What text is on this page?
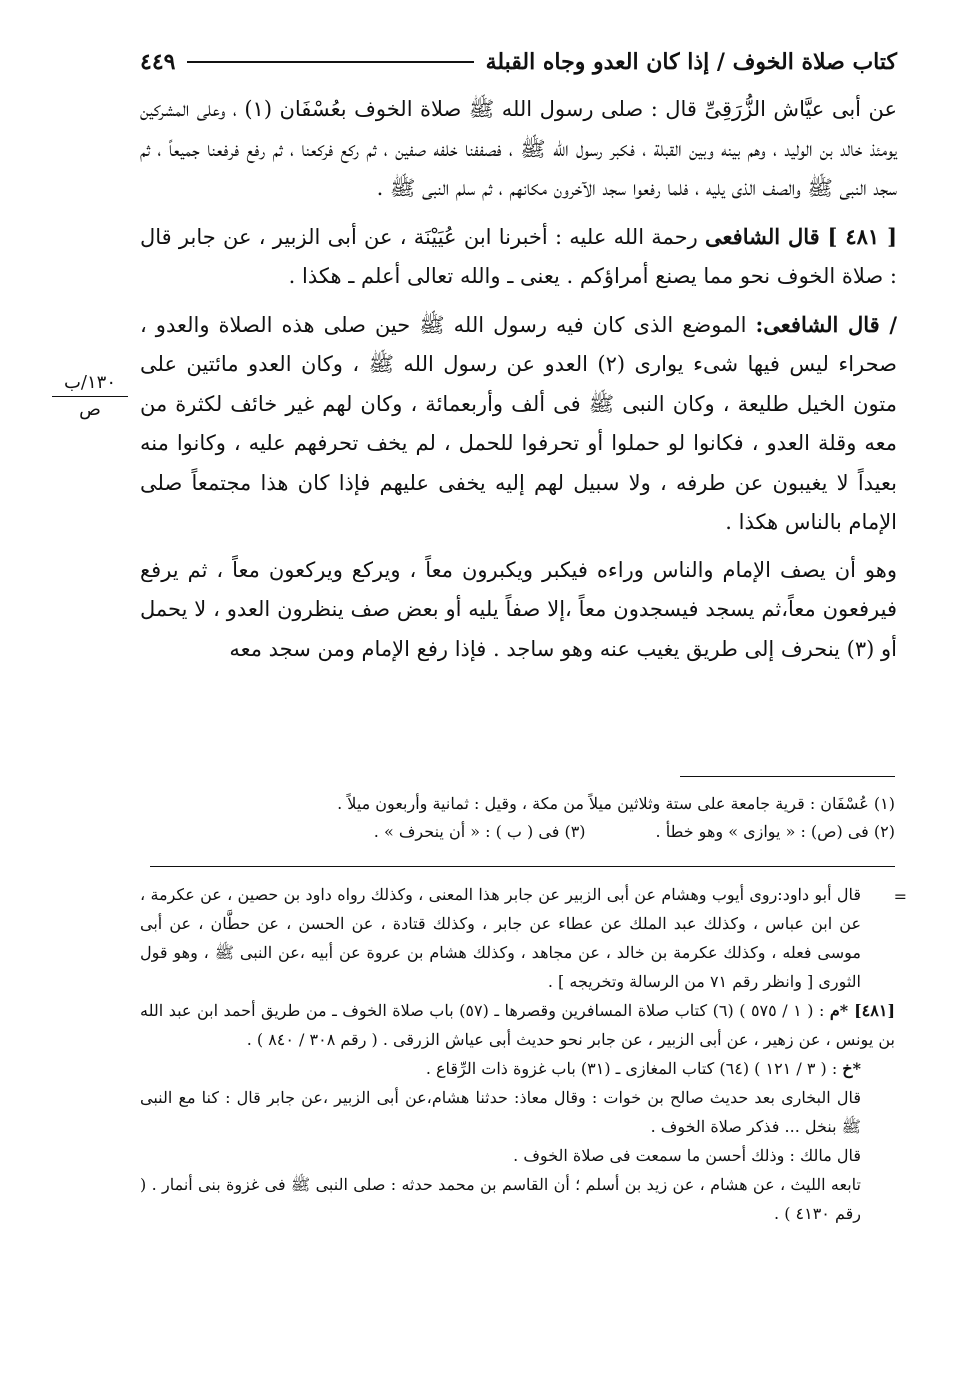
كتاب صلاة الخوف / إذا كان العدو وجاه القبلة
٤٤٩

عن أبى عيَّاش الزُّرَقِىِّ قال : صلى رسول الله ﷺ صلاة الخوف بعُسْفَان (١) ، وعلى المشركين يومئذ خالد بن الوليد ، وهم بينه وبين القبلة ، فكبر رسول الله ﷺ ، فصففنا خلفه صفين ، ثم ركع فركعنا ، ثم رفع فرفعنا جميعاً ، ثم سجد النبى ﷺ والصف الذى يليه ، فلما رفعوا سجد الآخرون مكانهم ، ثم سلم النبى ﷺ .

[ ٤٨١ ] قال الشافعى رحمة الله عليه : أخبرنا ابن عُيَيْنَة ، عن أبى الزبير ، عن جابر قال : صلاة الخوف نحو مما يصنع أمراؤكم . يعنى ـ والله تعالى أعلم ـ هكذا .

/ قال الشافعى: الموضع الذى كان فيه رسول الله ﷺ حين صلى هذه الصلاة والعدو ، صحراء ليس فيها شىء يوارى (٢) العدو عن رسول الله ﷺ ، وكان العدو مائتين على متون الخيل طليعة ، وكان النبى ﷺ فى ألف وأربعمائة ، وكان لهم غير خائف لكثرة من معه وقلة العدو ، فكانوا لو حملوا أو تحرفوا للحمل ، لم يخف تحرفهم عليه ، وكانوا منه بعيداً لا يغيبون عن طرفه ، ولا سبيل لهم إليه يخفى عليهم فإذا كان هذا مجتمعاً صلى الإمام بالناس هكذا .

وهو أن يصف الإمام والناس وراءه فيكبر ويكبرون معاً ، ويركع ويركعون معاً ، ثم يرفع فيرفعون معاً،ثم يسجد فيسجدون معاً ،إلا صفاً يليه أو بعض صف ينظرون العدو ، لا يحمل أو (٣) ينحرف إلى طريق يغيب عنه وهو ساجد . فإذا رفع الإمام ومن سجد معه

١٣٠/ب
ص

(١) عُسْفَان : قرية جامعة على ستة وثلاثين ميلاً من مكة ، وقيل : ثمانية وأربعون ميلاً .

(٢) فى (ص) : « يوازى » وهو خطأ .
(٣) فى ( ب ) : « أن ينحرف » .
=

قال أبو داود:روى أيوب وهشام عن أبى الزبير عن جابر هذا المعنى ، وكذلك رواه داود بن حصين ، عن عكرمة ، عن ابن عباس ، وكذلك عبد الملك عن عطاء عن جابر ، وكذلك قتادة ، عن الحسن ، عن حطَّان ، عن أبى موسى فعله ، وكذلك عكرمة بن خالد ، عن مجاهد ، وكذلك هشام بن عروة عن أبيه ،عن النبى ﷺ ، وهو قول الثورى [ وانظر رقم ٧١ من الرسالة وتخريجه ] .

[٤٨١] *م : ( ١ / ٥٧٥ ) (٦) كتاب صلاة المسافرين وقصرها ـ (٥٧) باب صلاة الخوف ـ من طريق أحمد ابن عبد الله بن يونس ، عن زهير ، عن أبى الزبير ، عن جابر نحو حديث أبى عياش الزرقى . ( رقم ٣٠٨ / ٨٤٠ ) .

*خ : ( ٣ / ١٢١ ) (٦٤) كتاب المغازى ـ (٣١) باب غزوة ذات الرِّقاع .

قال البخارى بعد حديث صالح بن خوات : وقال معاذ: حدثنا هشام،عن أبى الزبير ،عن جابر قال : كنا مع النبى ﷺ بنخل ... فذكر صلاة الخوف .

قال مالك : وذلك أحسن ما سمعت فى صلاة الخوف .

تابعه الليث ، عن هشام ، عن زيد بن أسلم ؛ أن القاسم بن محمد حدثه : صلى النبى ﷺ فى غزوة بنى أنمار . ( رقم ٤١٣٠ ) .
